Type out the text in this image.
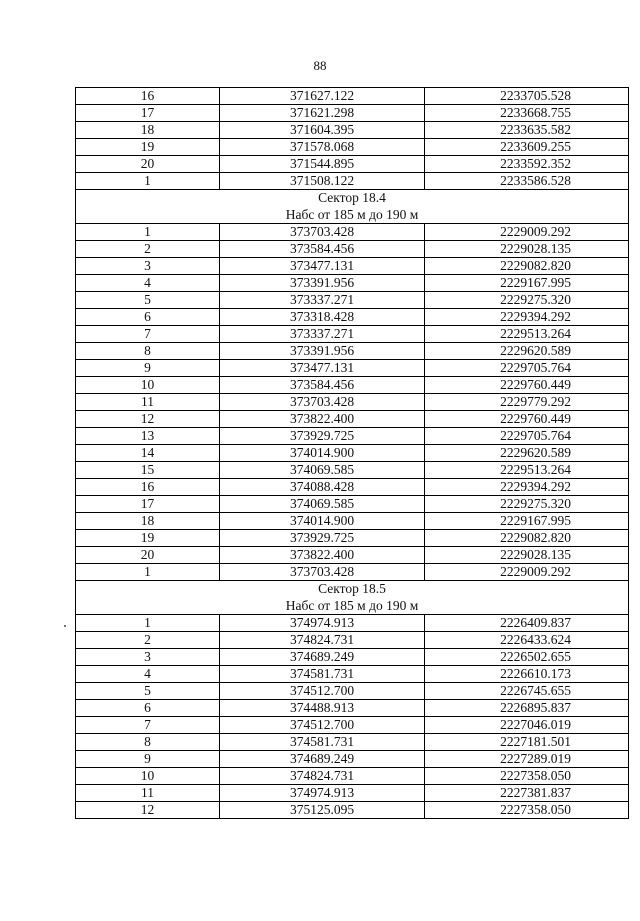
88
16	371627.122	2233705.528
17	371621.298	2233668.755
18	371604.395	2233635.582
19	371578.068	2233609.255
20	371544.895	2233592.352
1	371508.122	2233586.528

Сектор 18.4
Набс от 185 м до 190 м		

1	373703.428	2229009.292
2	373584.456	2229028.135
3	373477.131	2229082.820
4	373391.956	2229167.995
5	373337.271	2229275.320
6	373318.428	2229394.292
7	373337.271	2229513.264
8	373391.956	2229620.589
9	373477.131	2229705.764
10	373584.456	2229760.449
11	373703.428	2229779.292
12	373822.400	2229760.449
13	373929.725	2229705.764
14	374014.900	2229620.589
15	374069.585	2229513.264
16	374088.428	2229394.292
17	374069.585	2229275.320
18	374014.900	2229167.995
19	373929.725	2229082.820
20	373822.400	2229028.135
1	373703.428	2229009.292

Сектор 18.5
Набс от 185 м до 190 м		

1	374974.913	2226409.837
2	374824.731	2226433.624
3	374689.249	2226502.655
4	374581.731	2226610.173
5	374512.700	2226745.655
6	374488.913	2226895.837
7	374512.700	2227046.019
8	374581.731	2227181.501
9	374689.249	2227289.019
10	374824.731	2227358.050
11	374974.913	2227381.837
12	375125.095	2227358.050
